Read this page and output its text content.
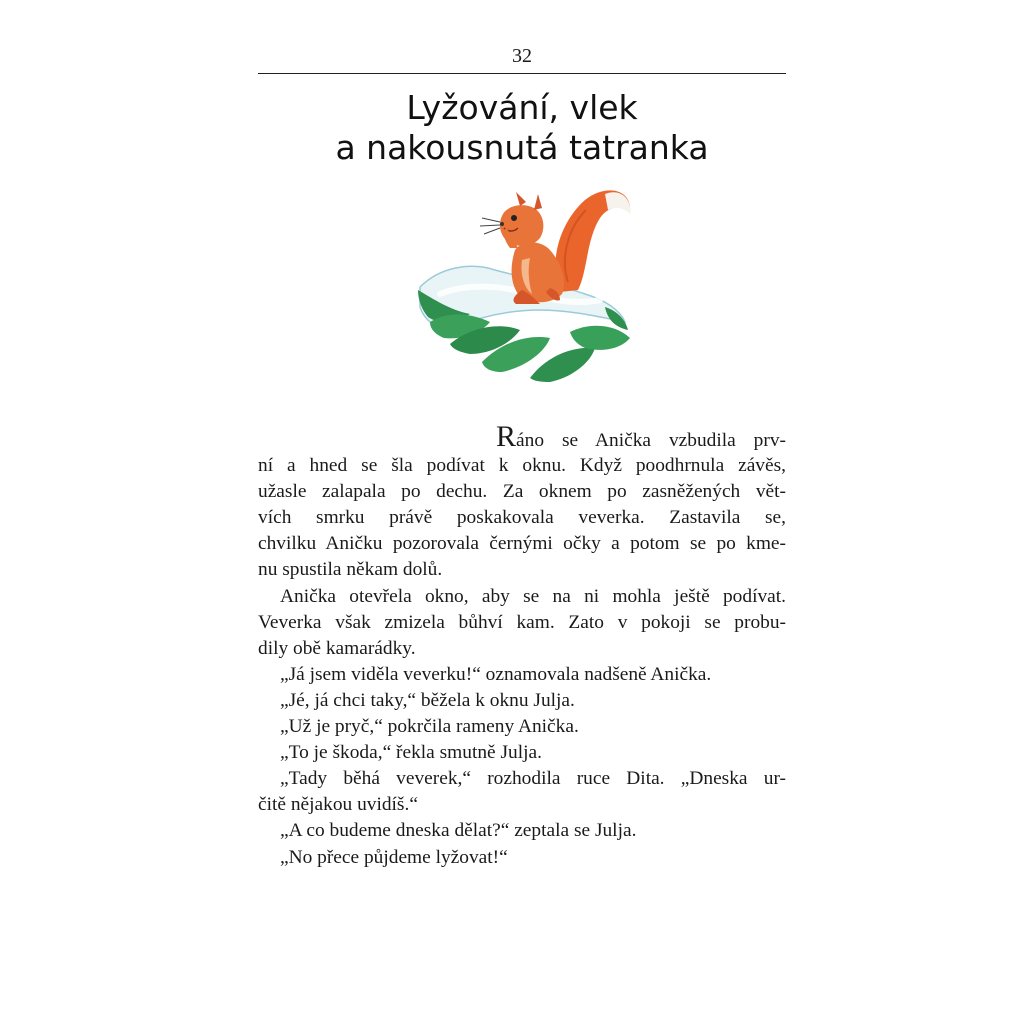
32
Lyžování, vlek
a nakousnutá tatranka
Ráno se Anička vzbudila prv-
ní a hned se šla podívat k oknu. Když poodhrnula závěs,
užasle zalapala po dechu. Za oknem po zasněžených vět-
vích smrku právě poskakovala veverka. Zastavila se,
chvilku Aničku pozorovala černými očky a potom se po kme-
nu spustila někam dolů.
Anička otevřela okno, aby se na ni mohla ještě podívat.
Veverka však zmizela bůhví kam. Zato v pokoji se probu-
dily obě kamarádky.
„Já jsem viděla veverku!“ oznamovala nadšeně Anička.
„Jé, já chci taky,“ běžela k oknu Julja.
„Už je pryč,“ pokrčila rameny Anička.
„To je škoda,“ řekla smutně Julja.
„Tady běhá veverek,“ rozhodila ruce Dita. „Dneska ur-
čitě nějakou uvidíš.“
„A co budeme dneska dělat?“ zeptala se Julja.
„No přece půjdeme lyžovat!“
